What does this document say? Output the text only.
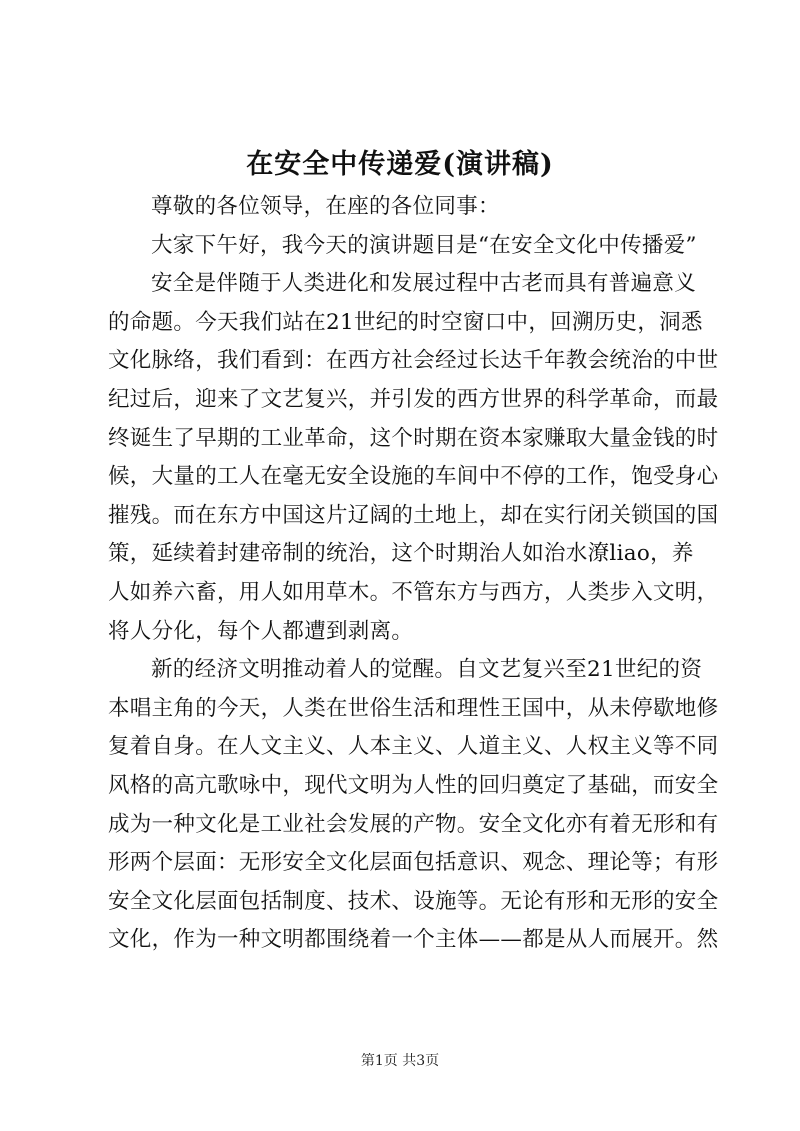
在安全中传递爱(演讲稿)

尊敬的各位领导，在座的各位同事：

大家下午好，我今天的演讲题目是“在安全文化中传播爱”

安全是伴随于人类进化和发展过程中古老而具有普遍意义
的命题。今天我们站在21世纪的时空窗口中，回溯历史，洞悉
文化脉络，我们看到：在西方社会经过长达千年教会统治的中世
纪过后，迎来了文艺复兴，并引发的西方世界的科学革命，而最
终诞生了早期的工业革命，这个时期在资本家赚取大量金钱的时
候，大量的工人在毫无安全设施的车间中不停的工作，饱受身心
摧残。而在东方中国这片辽阔的土地上，却在实行闭关锁国的国
策，延续着封建帝制的统治，这个时期治人如治水潦liao，养
人如养六畜，用人如用草木。不管东方与西方，人类步入文明，
将人分化，每个人都遭到剥离。

新的经济文明推动着人的觉醒。自文艺复兴至21世纪的资
本唱主角的今天，人类在世俗生活和理性王国中，从未停歇地修
复着自身。在人文主义、人本主义、人道主义、人权主义等不同
风格的高亢歌咏中，现代文明为人性的回归奠定了基础，而安全
成为一种文化是工业社会发展的产物。安全文化亦有着无形和有
形两个层面：无形安全文化层面包括意识、观念、理论等；有形
安全文化层面包括制度、技术、设施等。无论有形和无形的安全
文化，作为一种文明都围绕着一个主体——都是从人而展开。然

第1页 共3页
